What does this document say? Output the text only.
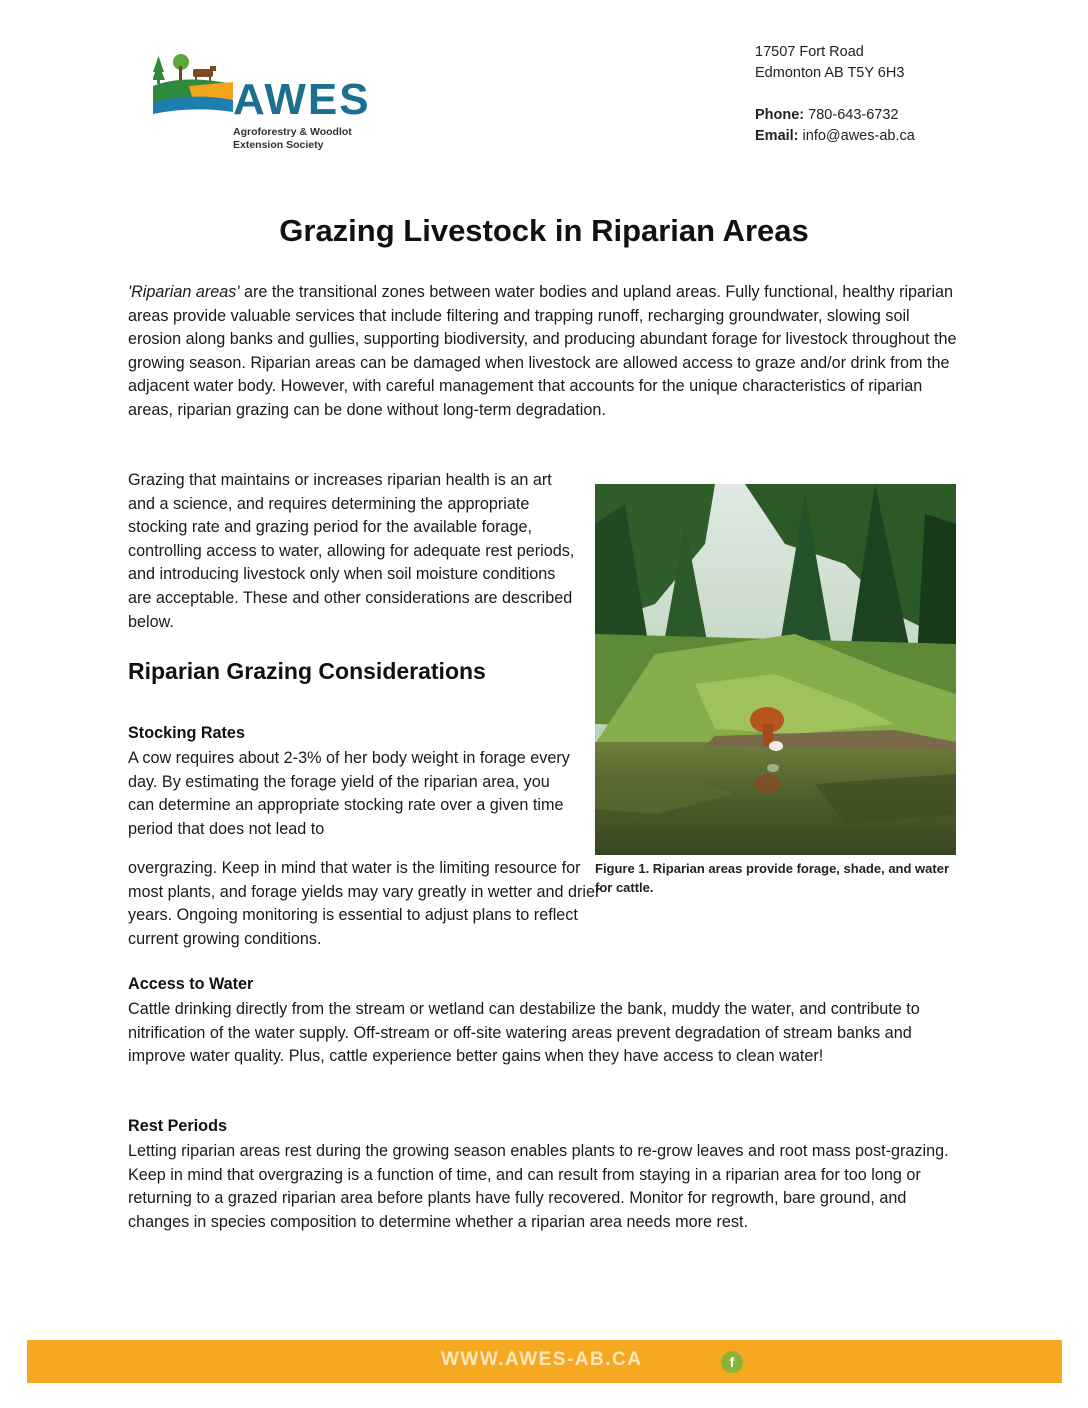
AWES
Agroforestry & Woodlot
Extension Society
17507 Fort Road
Edmonton AB T5Y 6H3
Phone: 780-643-6732
Email: info@awes-ab.ca
Grazing Livestock in Riparian Areas

'Riparian areas' are the transitional zones between water bodies and upland areas. Fully functional, healthy riparian areas provide valuable services that include filtering and trapping runoff, recharging groundwater, slowing soil erosion along banks and gullies, supporting biodiversity, and producing abundant forage for livestock throughout the growing season. Riparian areas can be damaged when livestock are allowed access to graze and/or drink from the adjacent water body. However, with careful management that accounts for the unique characteristics of riparian areas, riparian grazing can be done without long-term degradation.

Grazing that maintains or increases riparian health is an art and a science, and requires determining the appropriate stocking rate and grazing period for the available forage, controlling access to water, allowing for adequate rest periods, and introducing livestock only when soil moisture conditions are acceptable. These and other considerations are described below.

Figure 1. Riparian areas provide forage, shade, and water for cattle.

Riparian Grazing Considerations

Stocking Rates

A cow requires about 2-3% of her body weight in forage every day. By estimating the forage yield of the riparian area, you can determine an appropriate stocking rate over a given time period that does not lead to

overgrazing. Keep in mind that water is the limiting resource for most plants, and forage yields may vary greatly in wetter and drier years. Ongoing monitoring is essential to adjust plans to reflect current growing conditions.

Access to Water

Cattle drinking directly from the stream or wetland can destabilize the bank, muddy the water, and contribute to nitrification of the water supply. Off-stream or off-site watering areas prevent degradation of stream banks and improve water quality. Plus, cattle experience better gains when they have access to clean water!

Rest Periods

Letting riparian areas rest during the growing season enables plants to re-grow leaves and root mass post-grazing. Keep in mind that overgrazing is a function of time, and can result from staying in a riparian area for too long or returning to a grazed riparian area before plants have fully recovered. Monitor for regrowth, bare ground, and changes in species composition to determine whether a riparian area needs more rest.

WWW.AWES-AB.CA	f
